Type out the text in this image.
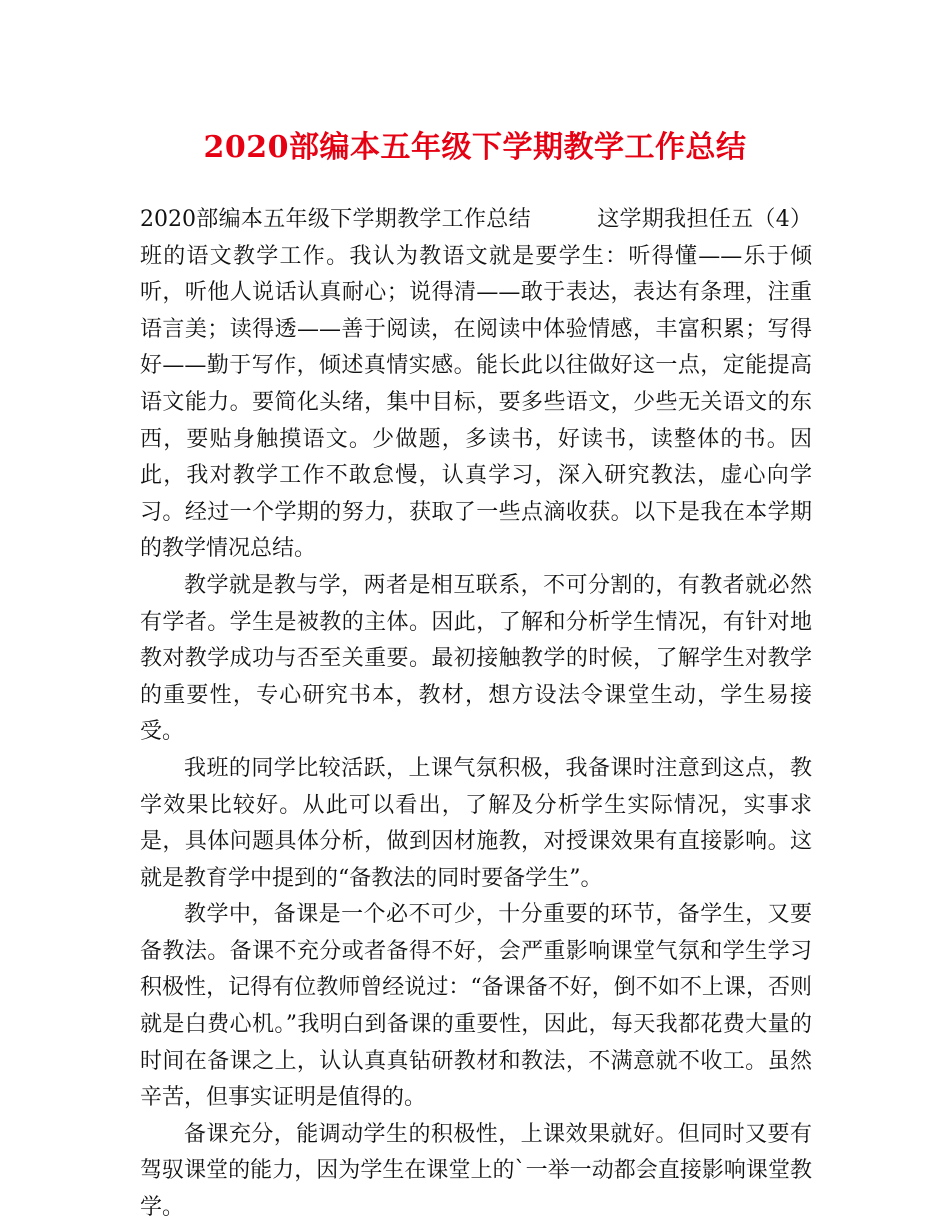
2020部编本五年级下学期教学工作总结

2020部编本五年级下学期教学工作总结	这学期我担任五（4）班的语文教学工作。我认为教语文就是要学生：听得懂——乐于倾听，听他人说话认真耐心；说得清——敢于表达，表达有条理，注重语言美；读得透——善于阅读，在阅读中体验情感，丰富积累；写得好——勤于写作，倾述真情实感。能长此以往做好这一点，定能提高语文能力。要简化头绪，集中目标，要多些语文，少些无关语文的东西，要贴身触摸语文。少做题，多读书，好读书，读整体的书。因此，我对教学工作不敢怠慢，认真学习，深入研究教法，虚心向学习。经过一个学期的努力，获取了一些点滴收获。以下是我在本学期的教学情况总结。

教学就是教与学，两者是相互联系，不可分割的，有教者就必然有学者。学生是被教的主体。因此，了解和分析学生情况，有针对地教对教学成功与否至关重要。最初接触教学的时候，了解学生对教学的重要性，专心研究书本，教材，想方设法令课堂生动，学生易接受。

我班的同学比较活跃，上课气氛积极，我备课时注意到这点，教学效果比较好。从此可以看出，了解及分析学生实际情况，实事求是，具体问题具体分析，做到因材施教，对授课效果有直接影响。这就是教育学中提到的“备教法的同时要备学生”。

教学中，备课是一个必不可少，十分重要的环节，备学生，又要备教法。备课不充分或者备得不好，会严重影响课堂气氛和学生学习积极性，记得有位教师曾经说过：“备课备不好，倒不如不上课，否则就是白费心机。”我明白到备课的重要性，因此，每天我都花费大量的时间在备课之上，认认真真钻研教材和教法，不满意就不收工。虽然辛苦，但事实证明是值得的。

备课充分，能调动学生的积极性，上课效果就好。但同时又要有驾驭课堂的能力，因为学生在课堂上的`一举一动都会直接影响课堂教学。
